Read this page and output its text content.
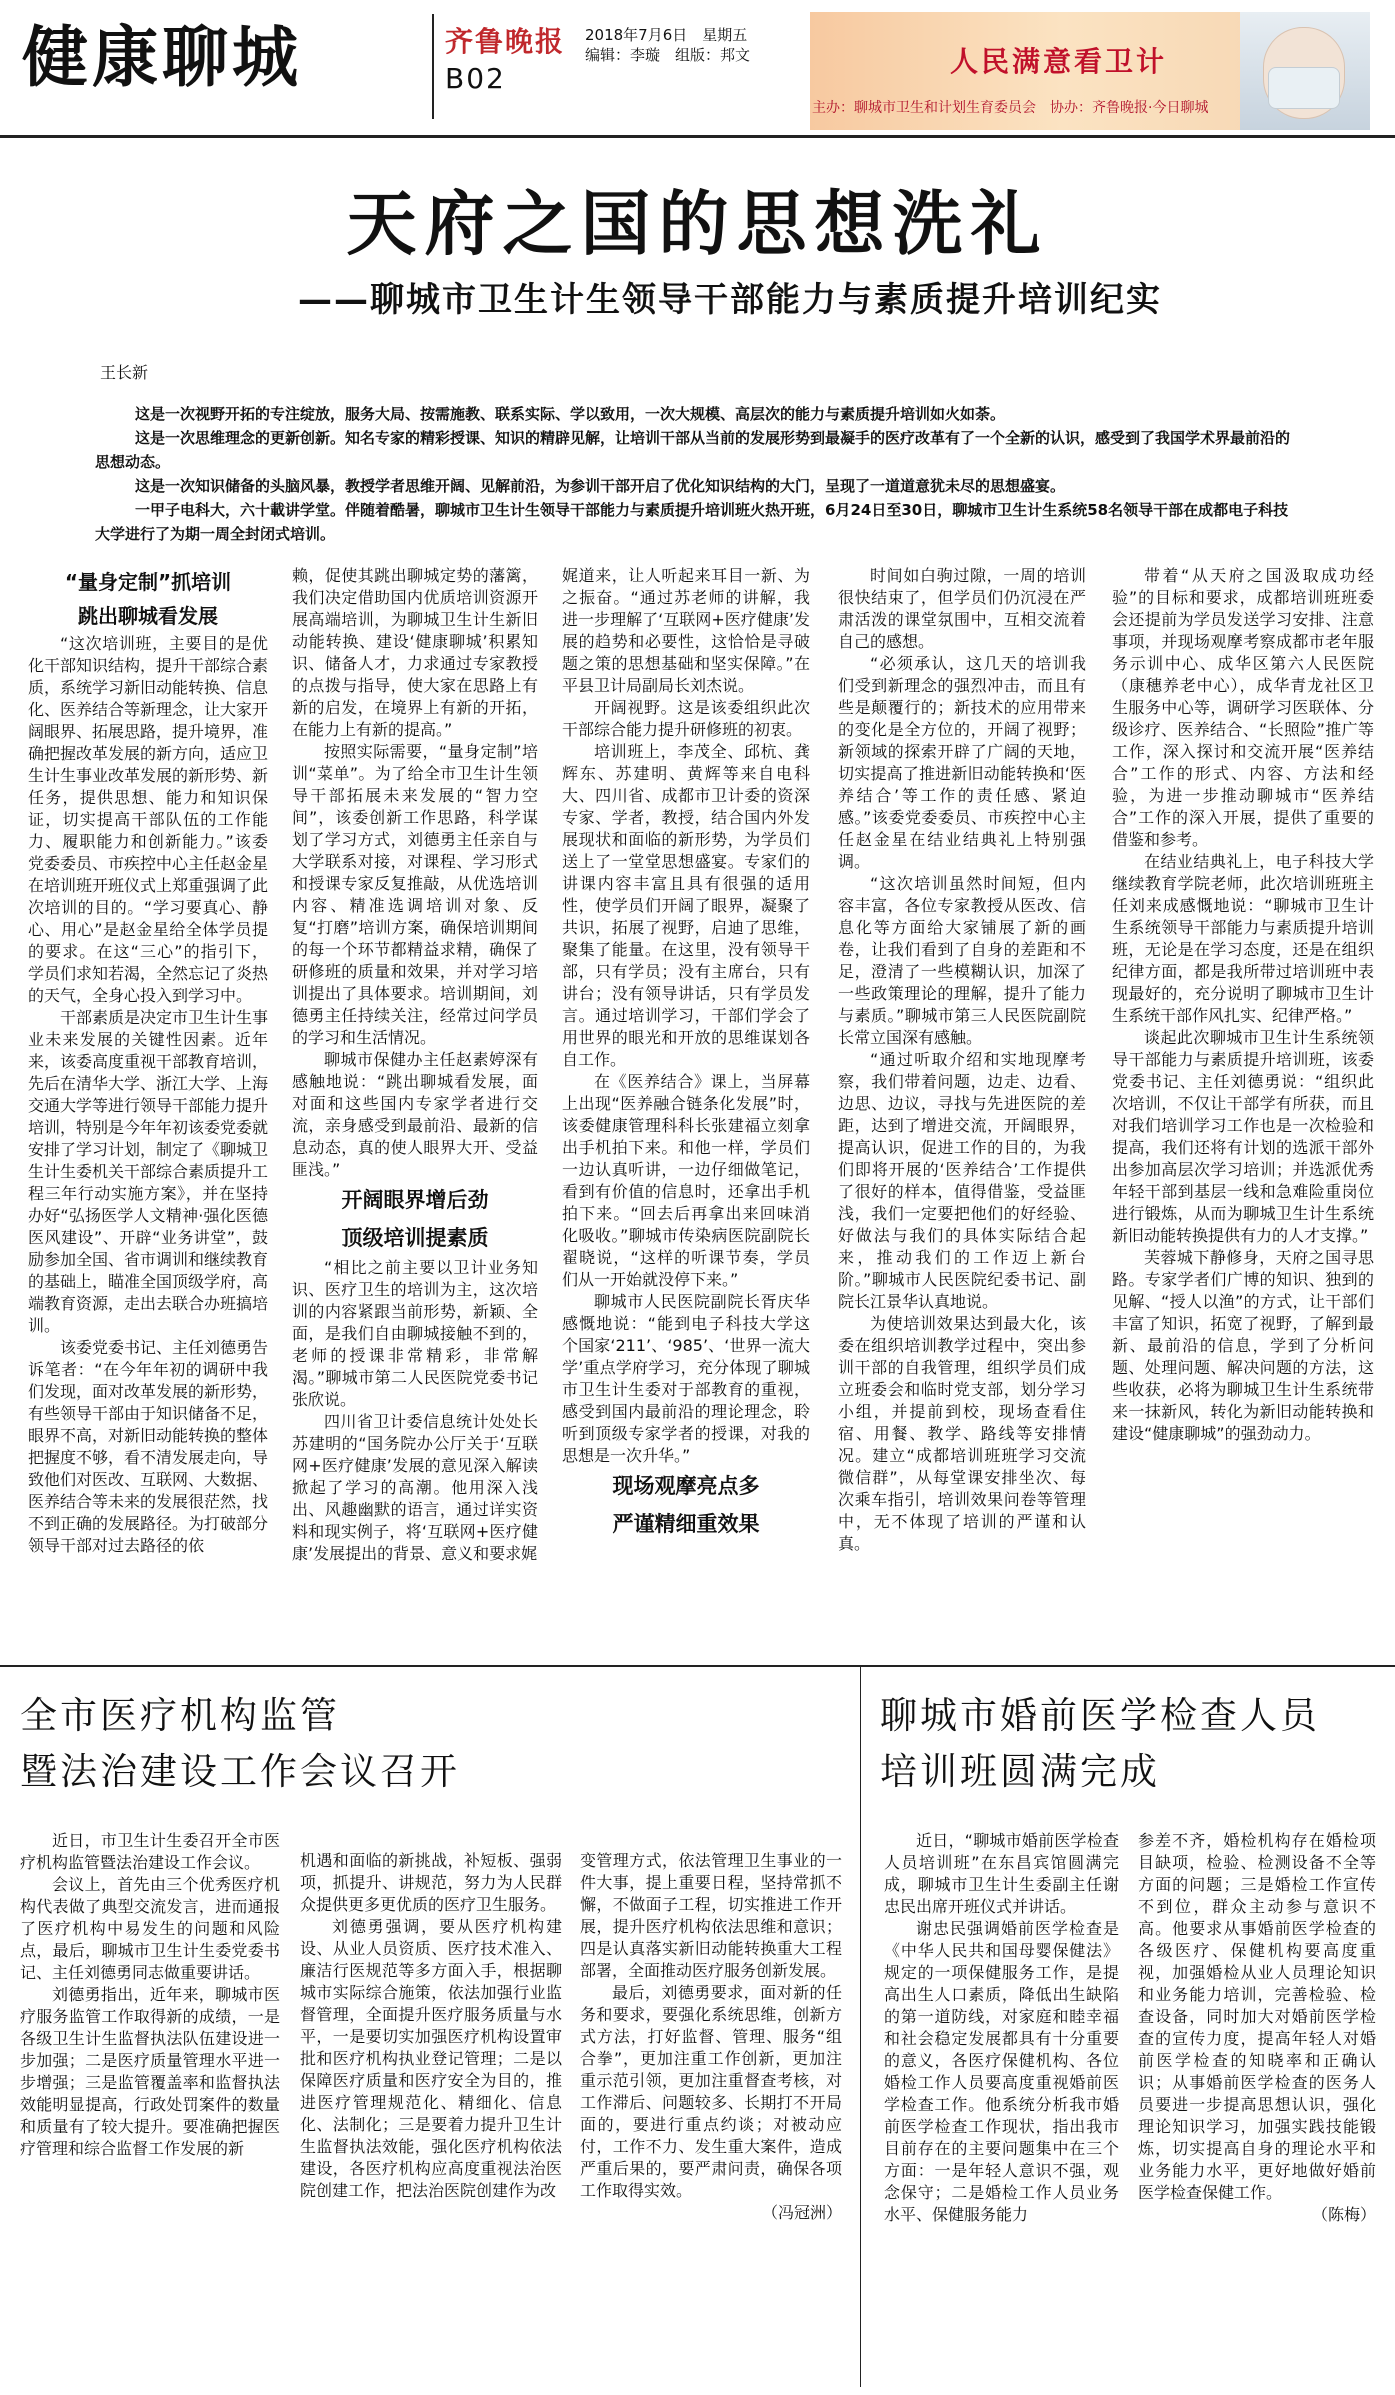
健康聊城	齐鲁晚报 2018年7月6日　星期五
编辑：李璇　组版：邦文
B02
人民满意看卫计
主办：聊城市卫生和计划生育委员会　协办：齐鲁晚报·今日聊城
天府之国的思想洗礼
——聊城市卫生计生领导干部能力与素质提升培训纪实
王长新

这是一次视野开拓的专注绽放，服务大局、按需施教、联系实际、学以致用，一次大规模、高层次的能力与素质提升培训如火如荼。

这是一次思维理念的更新创新。知名专家的精彩授课、知识的精辟见解，让培训干部从当前的发展形势到最凝手的医疗改革有了一个全新的认识，感受到了我国学术界最前沿的思想动态。

这是一次知识储备的头脑风暴，教授学者思维开阔、见解前沿，为参训干部开启了优化知识结构的大门，呈现了一道道意犹未尽的思想盛宴。

一甲子电科大，六十載讲学堂。伴随着酷暑，聊城市卫生计生领导干部能力与素质提升培训班火热开班，6月24日至30日，聊城市卫生计生系统58名领导干部在成都电子科技大学进行了为期一周全封闭式培训。

“量身定制”抓培训
跳出聊城看发展

“这次培训班，主要目的是优化干部知识结构，提升干部综合素质，系统学习新旧动能转换、信息化、医养结合等新理念，让大家开阔眼界、拓展思路，提升境界，准确把握改革发展的新方向，适应卫生计生事业改革发展的新形势、新任务，提供思想、能力和知识保证，切实提高干部队伍的工作能力、履职能力和创新能力。”该委党委委员、市疾控中心主任赵金星在培训班开班仪式上郑重强调了此次培训的目的。“学习要真心、静心、用心”是赵金星给全体学员提的要求。在这“三心”的指引下，学员们求知若渴，全然忘记了炎热的天气，全身心投入到学习中。

干部素质是决定市卫生计生事业未来发展的关键性因素。近年来，该委高度重视干部教育培训，先后在清华大学、浙江大学、上海交通大学等进行领导干部能力提升培训，特别是今年年初该委党委就安排了学习计划，制定了《聊城卫生计生委机关干部综合素质提升工程三年行动实施方案》，并在坚持办好“弘扬医学人文精神·强化医德医风建设”、开辟“业务讲堂”，鼓励参加全国、省市调训和继续教育的基础上，瞄准全国顶级学府，高端教育资源，走出去联合办班搞培训。

该委党委书记、主任刘德勇告诉笔者：“在今年年初的调研中我们发现，面对改革发展的新形势，有些领导干部由于知识储备不足，眼界不高，对新旧动能转换的整体把握度不够，看不清发展走向，导致他们对医改、互联网、大数据、医养结合等未来的发展很茫然，找不到正确的发展路径。为打破部分领导干部对过去路径的依

赖，促使其跳出聊城定势的藩篱，我们决定借助国内优质培训资源开展高端培训，为聊城卫生计生新旧动能转换、建设‘健康聊城’积累知识、储备人才，力求通过专家教授的点拨与指导，使大家在思路上有新的启发，在境界上有新的开拓，在能力上有新的提高。”

按照实际需要，“量身定制”培训“菜单”。为了给全市卫生计生领导干部拓展未来发展的“智力空间”，该委创新工作思路，科学谋划了学习方式，刘德勇主任亲自与大学联系对接，对课程、学习形式和授课专家反复推敲，从优选培训内容、精准选调培训对象、反复“打磨”培训方案，确保培训期间的每一个环节都精益求精，确保了研修班的质量和效果，并对学习培训提出了具体要求。培训期间，刘德勇主任持续关注，经常过问学员的学习和生活情况。

聊城市保健办主任赵素婷深有感触地说：“跳出聊城看发展，面对面和这些国内专家学者进行交流，亲身感受到最前沿、最新的信息动态，真的使人眼界大开、受益匪浅。”

开阔眼界增后劲
顶级培训提素质

“相比之前主要以卫计业务知识、医疗卫生的培训为主，这次培训的内容紧跟当前形势，新颖、全面，是我们自由聊城接触不到的，老师的授课非常精彩，非常解渴。”聊城市第二人民医院党委书记张欣说。

四川省卫计委信息统计处处长苏建明的“国务院办公厅关于‘互联网+医疗健康’发展的意见深入解读掀起了学习的高潮。他用深入浅出、风趣幽默的语言，通过详实资料和现实例子，将‘互联网+医疗健康’发展提出的背景、意义和要求娓

娓道来，让人听起来耳目一新、为之振奋。“通过苏老师的讲解，我进一步理解了‘互联网+医疗健康’发展的趋势和必要性，这恰恰是寻破题之策的思想基础和坚实保障。”在平县卫计局副局长刘杰说。

开阔视野。这是该委组织此次干部综合能力提升研修班的初衷。

培训班上，李茂全、邱杭、龚辉东、苏建明、黄辉等来自电科大、四川省、成都市卫计委的资深专家、学者，教授，结合国内外发展现状和面临的新形势，为学员们送上了一堂堂思想盛宴。专家们的讲课内容丰富且具有很强的适用性，使学员们开阔了眼界，凝聚了共识，拓展了视野，启迪了思维，聚集了能量。在这里，没有领导干部，只有学员；没有主席台，只有讲台；没有领导讲话，只有学员发言。通过培训学习，干部们学会了用世界的眼光和开放的思维谋划各自工作。

在《医养结合》课上，当屏幕上出现“医养融合链条化发展”时，该委健康管理科科长张建福立刻拿出手机拍下来。和他一样，学员们一边认真听讲，一边仔细做笔记，看到有价值的信息时，还拿出手机拍下来。“回去后再拿出来回味消化吸收。”聊城市传染病医院副院长翟晓说，“这样的听课节奏，学员们从一开始就没停下来。”

聊城市人民医院副院长胥庆华感慨地说：“能到电子科技大学这个国家‘211’、‘985’、‘世界一流大学’重点学府学习，充分体现了聊城市卫生计生委对于部教育的重视，感受到国内最前沿的理论理念，聆听到顶级专家学者的授课，对我的思想是一次升华。”

现场观摩亮点多
严谨精细重效果

时间如白驹过隙，一周的培训很快结束了，但学员们仍沉浸在严肃活泼的课堂氛围中，互相交流着自己的感想。

“必须承认，这几天的培训我们受到新理念的强烈冲击，而且有些是颠覆行的；新技术的应用带来的变化是全方位的，开阔了视野；新领域的探索开辟了广阔的天地，切实提高了推进新旧动能转换和‘医养结合’等工作的责任感、紧迫感。”该委党委委员、市疾控中心主任赵金星在结业结典礼上特别强调。

“这次培训虽然时间短，但内容丰富，各位专家教授从医改、信息化等方面给大家铺展了新的画卷，让我们看到了自身的差距和不足，澄清了一些模糊认识，加深了一些政策理论的理解，提升了能力与素质。”聊城市第三人民医院副院长常立国深有感触。

“通过听取介绍和实地现摩考察，我们带着问题，边走、边看、边思、边议，寻找与先进医院的差距，达到了增进交流，开阔眼界，提高认识，促进工作的目的，为我们即将开展的‘医养结合’工作提供了很好的样本，值得借鉴，受益匪浅，我们一定要把他们的好经验、好做法与我们的具体实际结合起来，推动我们的工作迈上新台阶。”聊城市人民医院纪委书记、副院长江景华认真地说。

为使培训效果达到最大化，该委在组织培训教学过程中，突出参训干部的自我管理，组织学员们成立班委会和临时党支部，划分学习小组，并提前到校，现场查看住宿、用餐、教学、路线等安排情况。建立“成都培训班班学习交流微信群”，从每堂课安排坐次、每次乘车指引，培训效果问卷等管理中，无不体现了培训的严谨和认真。

带着“从天府之国汲取成功经验”的目标和要求，成都培训班班委会还提前为学员发送学习安排、注意事项，并现场观摩考察成都市老年服务示训中心、成华区第六人民医院（康穗养老中心），成华青龙社区卫生服务中心等，调研学习医联体、分级诊疗、医养结合、“长照险”推广等工作，深入探讨和交流开展“医养结合”工作的形式、内容、方法和经验，为进一步推动聊城市“医养结合”工作的深入开展，提供了重要的借鉴和参考。

在结业结典礼上，电子科技大学继续教育学院老师，此次培训班班主任刘来成感慨地说：“聊城市卫生计生系统领导干部能力与素质提升培训班，无论是在学习态度，还是在组织纪律方面，都是我所带过培训班中表现最好的，充分说明了聊城市卫生计生系统干部作风扎实、纪律严格。”

谈起此次聊城市卫生计生系统领导干部能力与素质提升培训班，该委党委书记、主任刘德勇说：“组织此次培训，不仅让干部学有所获，而且对我们培训学习工作也是一次检验和提高，我们还将有计划的选派干部外出参加高层次学习培训；并选派优秀年轻干部到基层一线和急难险重岗位进行锻炼，从而为聊城卫生计生系统新旧动能转换提供有力的人才支撑。”

芙蓉城下静修身，天府之国寻思路。专家学者们广博的知识、独到的见解、“授人以渔”的方式，让干部们丰富了知识，拓宽了视野，了解到最新、最前沿的信息，学到了分析问题、处理问题、解决问题的方法，这些收获，必将为聊城卫生计生系统带来一抹新风，转化为新旧动能转换和建设“健康聊城”的强劲动力。

全市医疗机构监管
暨法治建设工作会议召开

近日，市卫生计生委召开全市医疗机构监管暨法治建设工作会议。

会议上，首先由三个优秀医疗机构代表做了典型交流发言，进而通报了医疗机构中易发生的问题和风险点，最后，聊城市卫生计生委党委书记、主任刘德勇同志做重要讲话。

刘德勇指出，近年来，聊城市医疗服务监管工作取得新的成绩，一是各级卫生计生监督执法队伍建设进一步加强；二是医疗质量管理水平进一步增强；三是监管覆盖率和监督执法效能明显提高，行政处罚案件的数量和质量有了较大提升。要准确把握医疗管理和综合监督工作发展的新

机遇和面临的新挑战，补短板、强弱项，抓提升、讲规范，努力为人民群众提供更多更优质的医疗卫生服务。

刘德勇强调，要从医疗机构建设、从业人员资质、医疗技术准入、廉洁行医规范等多方面入手，根据聊城市实际综合施策，依法加强行业监督管理，全面提升医疗服务质量与水平，一是要切实加强医疗机构设置审批和医疗机构执业登记管理；二是以保障医疗质量和医疗安全为目的，推进医疗管理规范化、精细化、信息化、法制化；三是要着力提升卫生计生监督执法效能，强化医疗机构依法建设，各医疗机构应高度重视法治医院创建工作，把法治医院创建作为改

变管理方式，依法管理卫生事业的一件大事，提上重要日程，坚持常抓不懈，不做面子工程，切实推进工作开展，提升医疗机构依法思维和意识；四是认真落实新旧动能转换重大工程部署，全面推动医疗服务创新发展。

最后，刘德勇要求，面对新的任务和要求，要强化系统思维，创新方式方法，打好监督、管理、服务“组合拳”，更加注重工作创新，更加注重示范引领，更加注重督查考核，对工作滞后、问题较多、长期打不开局面的，要进行重点约谈；对被动应付，工作不力、发生重大案件，造成严重后果的，要严肃问责，确保各项工作取得实效。

（冯冠洲）

聊城市婚前医学检查人员
培训班圆满完成

近日，“聊城市婚前医学检查人员培训班”在东昌宾馆圆满完成，聊城市卫生计生委副主任谢忠民出席开班仪式并讲话。

谢忠民强调婚前医学检查是《中华人民共和国母婴保健法》规定的一项保健服务工作，是提高出生人口素质，降低出生缺陷的第一道防线，对家庭和睦幸福和社会稳定发展都具有十分重要的意义，各医疗保健机构、各位婚检工作人员要高度重视婚前医学检查工作。他系统分析我市婚前医学检查工作现状，指出我市目前存在的主要问题集中在三个方面：一是年轻人意识不强，观念保守；二是婚检工作人员业务水平、保健服务能力

参差不齐，婚检机构存在婚检项目缺项，检验、检测设备不全等方面的问题；三是婚检工作宣传不到位，群众主动参与意识不高。他要求从事婚前医学检查的各级医疗、保健机构要高度重视，加强婚检从业人员理论知识和业务能力培训，完善检验、检查设备，同时加大对婚前医学检查的宣传力度，提高年轻人对婚前医学检查的知晓率和正确认识；从事婚前医学检查的医务人员要进一步提高思想认识，强化理论知识学习，加强实践技能锻炼，切实提高自身的理论水平和业务能力水平，更好地做好婚前医学检查保健工作。

（陈梅）
